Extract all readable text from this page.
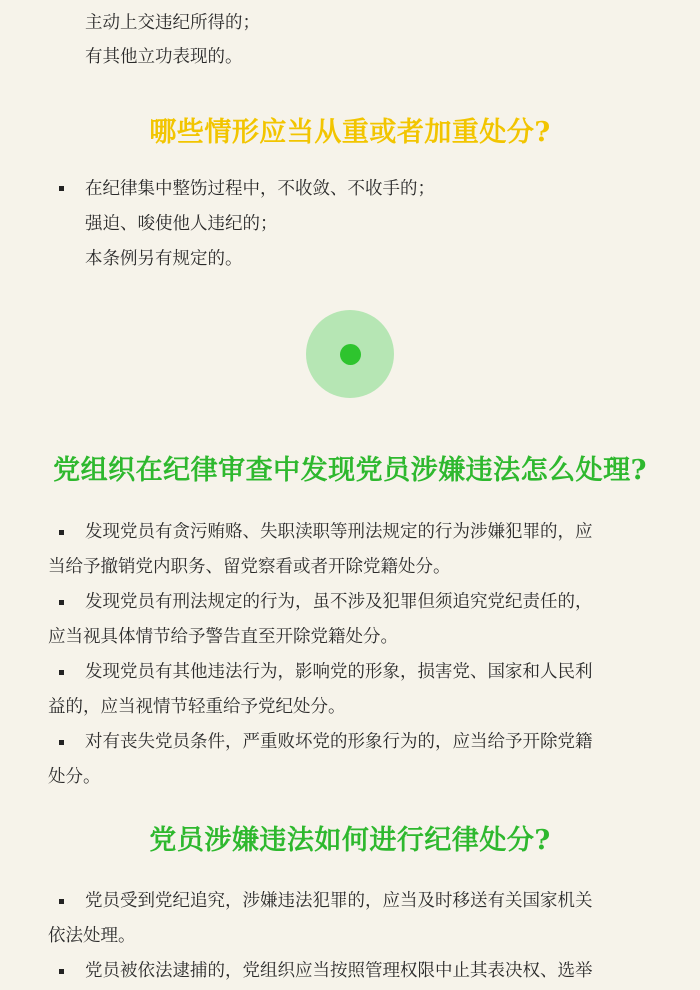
主动上交违纪所得的；
有其他立功表现的。
哪些情形应当从重或者加重处分?
在纪律集中整饬过程中，不收敛、不收手的；
强迫、唆使他人违纪的；
本条例另有规定的。
党组织在纪律审查中发现党员涉嫌违法怎么处理?
发现党员有贪污贿赂、失职渎职等刑法规定的行为涉嫌犯罪的，应
当给予撤销党内职务、留党察看或者开除党籍处分。
发现党员有刑法规定的行为，虽不涉及犯罪但须追究党纪责任的，
应当视具体情节给予警告直至开除党籍处分。
发现党员有其他违法行为，影响党的形象，损害党、国家和人民利
益的，应当视情节轻重给予党纪处分。
对有丧失党员条件，严重败坏党的形象行为的，应当给予开除党籍
处分。
党员涉嫌违法如何进行纪律处分?
党员受到党纪追究，涉嫌违法犯罪的，应当及时移送有关国家机关
依法处理。
党员被依法逮捕的，党组织应当按照管理权限中止其表决权、选举
